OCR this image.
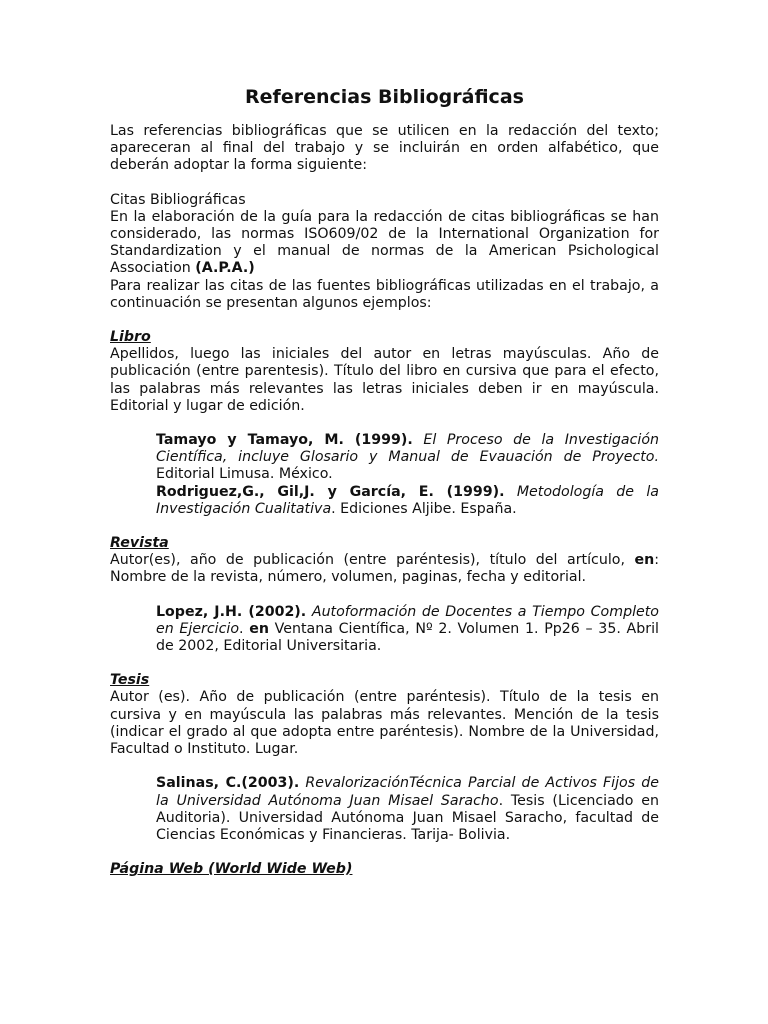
Referencias Bibliográficas

Las referencias bibliográficas que se utilicen en la redacción del texto; apareceran al final del trabajo y se incluirán en orden alfabético, que deberán adoptar la forma siguiente:

Citas Bibliográficas

En la elaboración de la guía para la redacción de citas bibliográficas se han considerado, las normas ISO609/02 de la International Organization for Standardization y el manual de normas de la American Psichological Association (A.P.A.)

Para realizar las citas de las fuentes bibliográficas utilizadas en el trabajo, a continuación se presentan algunos ejemplos:

Libro

Apellidos, luego las iniciales del autor en letras mayúsculas. Año de publicación (entre parentesis). Título del libro en cursiva que para el efecto, las palabras más relevantes las letras iniciales deben ir en mayúscula. Editorial y lugar de edición.

Tamayo y Tamayo, M. (1999). El Proceso de la Investigación Científica, incluye Glosario y Manual de Evauación de Proyecto. Editorial Limusa. México.

Rodriguez,G., Gil,J. y García, E. (1999). Metodología de la Investigación Cualitativa. Ediciones Aljibe. España.

Revista

Autor(es), año de publicación (entre paréntesis), título del artículo, en: Nombre de la revista, número, volumen, paginas, fecha y editorial.

Lopez, J.H. (2002). Autoformación de Docentes a Tiempo Completo en Ejercicio. en Ventana Científica, Nº 2. Volumen 1. Pp26 – 35. Abril de 2002, Editorial Universitaria.

Tesis

Autor (es). Año de publicación (entre paréntesis). Título de la tesis en cursiva y en mayúscula las palabras más relevantes. Mención de la tesis (indicar el grado al que adopta entre paréntesis). Nombre de la Universidad, Facultad o Instituto. Lugar.

Salinas, C.(2003). RevalorizaciónTécnica Parcial de Activos Fijos de la Universidad Autónoma Juan Misael Saracho. Tesis (Licenciado en Auditoria). Universidad Autónoma Juan Misael Saracho, facultad de Ciencias Económicas y Financieras. Tarija- Bolivia.

Página Web (World Wide Web)
